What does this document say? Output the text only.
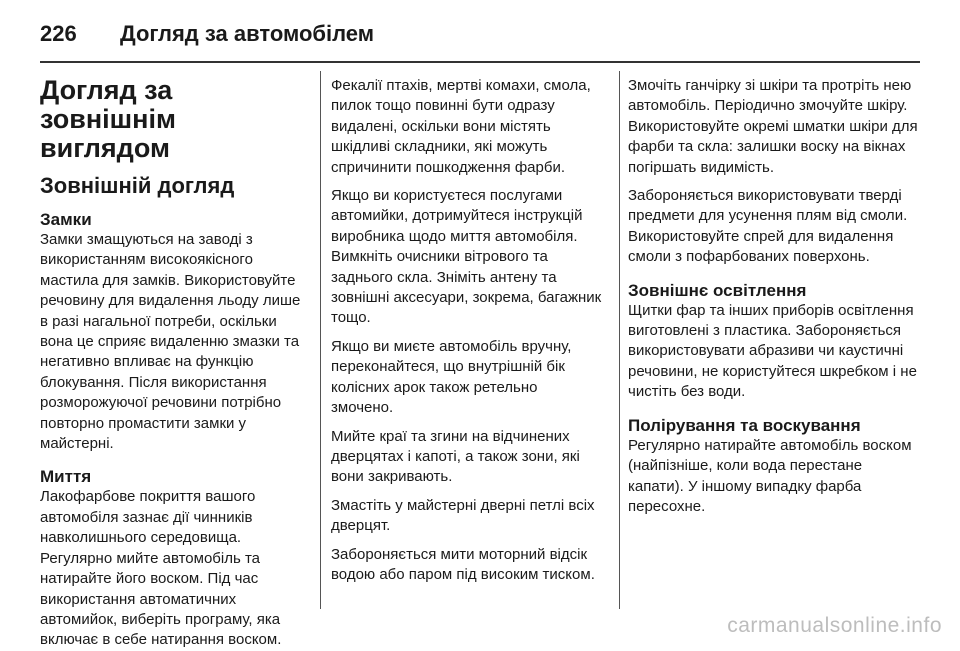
226	Догляд за автомобілем
Догляд за зовнішнім виглядом
Зовнішній догляд
Замки

Замки змащуються на заводі з використанням високоякісного мастила для замків. Використовуйте речовину для видалення льоду лише в разі нагальної потреби, оскільки вона це сприяє видаленню змазки та негативно впливає на функцію блокування. Після використання розморожуючої речовини потрібно повторно промастити замки у майстерні.

Миття

Лакофарбове покриття вашого автомобіля зазнає дії чинників навколишнього середовища. Регулярно мийте автомобіль та натирайте його воском. Під час використання автоматичних автомийок, виберіть програму, яка включає в себе натирання воском.

Фекалії птахів, мертві комахи, смола, пилок тощо повинні бути одразу видалені, оскільки вони містять шкідливі складники, які можуть спричинити пошкодження фарби.

Якщо ви користуєтеся послугами автомийки, дотримуйтеся інструкцій виробника щодо миття автомобіля. Вимкніть очисники вітрового та заднього скла. Зніміть антену та зовнішні аксесуари, зокрема, багажник тощо.

Якщо ви миєте автомобіль вручну, переконайтеся, що внутрішній бік колісних арок також ретельно змочено.

Мийте краї та згини на відчинених дверцятах і капоті, а також зони, які вони закривають.

Змастіть у майстерні дверні петлі всіх дверцят.

Забороняється мити моторний відсік водою або паром під високим тиском.

Змочіть ганчірку зі шкіри та протріть нею автомобіль. Періодично змочуйте шкіру. Використовуйте окремі шматки шкіри для фарби та скла: залишки воску на вікнах погіршать видимість.

Забороняється використовувати тверді предмети для усунення плям від смоли. Використовуйте спрей для видалення смоли з пофарбованих поверхонь.

Зовнішнє освітлення

Щитки фар та інших приборів освітлення виготовлені з пластика. Забороняється використовувати абразиви чи каустичні речовини, не користуйтеся шкребком і не чистіть без води.

Полірування та воскування

Регулярно натирайте автомобіль воском (найпізніше, коли вода перестане капати). У іншому випадку фарба пересохне.

carmanualsonline.info
